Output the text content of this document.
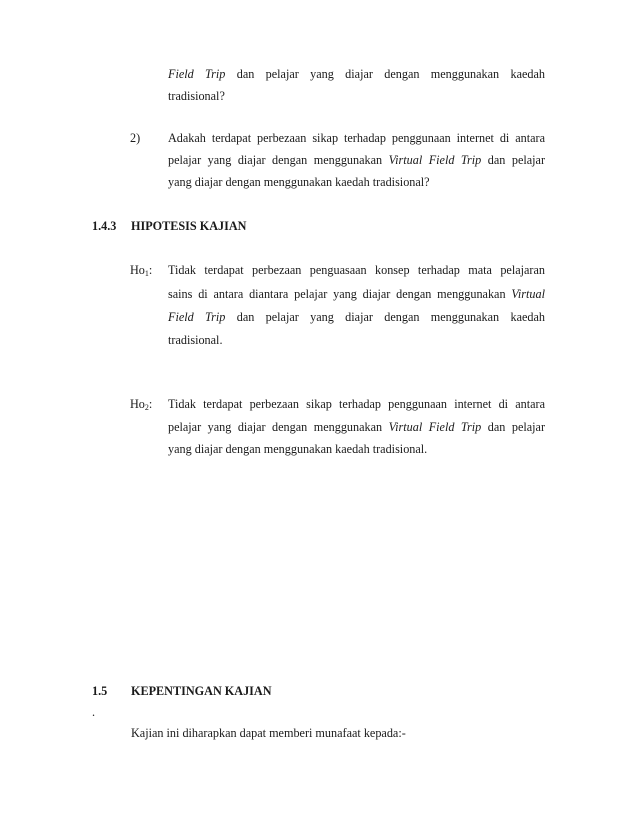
Field Trip dan pelajar yang diajar dengan menggunakan kaedah
tradisional?
2) Adakah terdapat perbezaan sikap terhadap penggunaan internet di antara
pelajar yang diajar dengan menggunakan Virtual Field Trip dan pelajar
yang diajar dengan menggunakan kaedah tradisional?
1.4.3 HIPOTESIS KAJIAN
$Ho_1$: Tidak terdapat perbezaan penguasaan konsep terhadap mata pelajaran
sains di antara diantara pelajar yang diajar dengan menggunakan Virtual
Field Trip dan pelajar yang diajar dengan menggunakan kaedah
tradisional.
$Ho_2$: Tidak terdapat perbezaan sikap terhadap penggunaan internet di antara
pelajar yang diajar dengan menggunakan Virtual Field Trip dan pelajar
yang diajar dengan menggunakan kaedah tradisional.
1.5 KEPENTINGAN KAJIAN
.
Kajian ini diharapkan dapat memberi munafaat kepada:-
